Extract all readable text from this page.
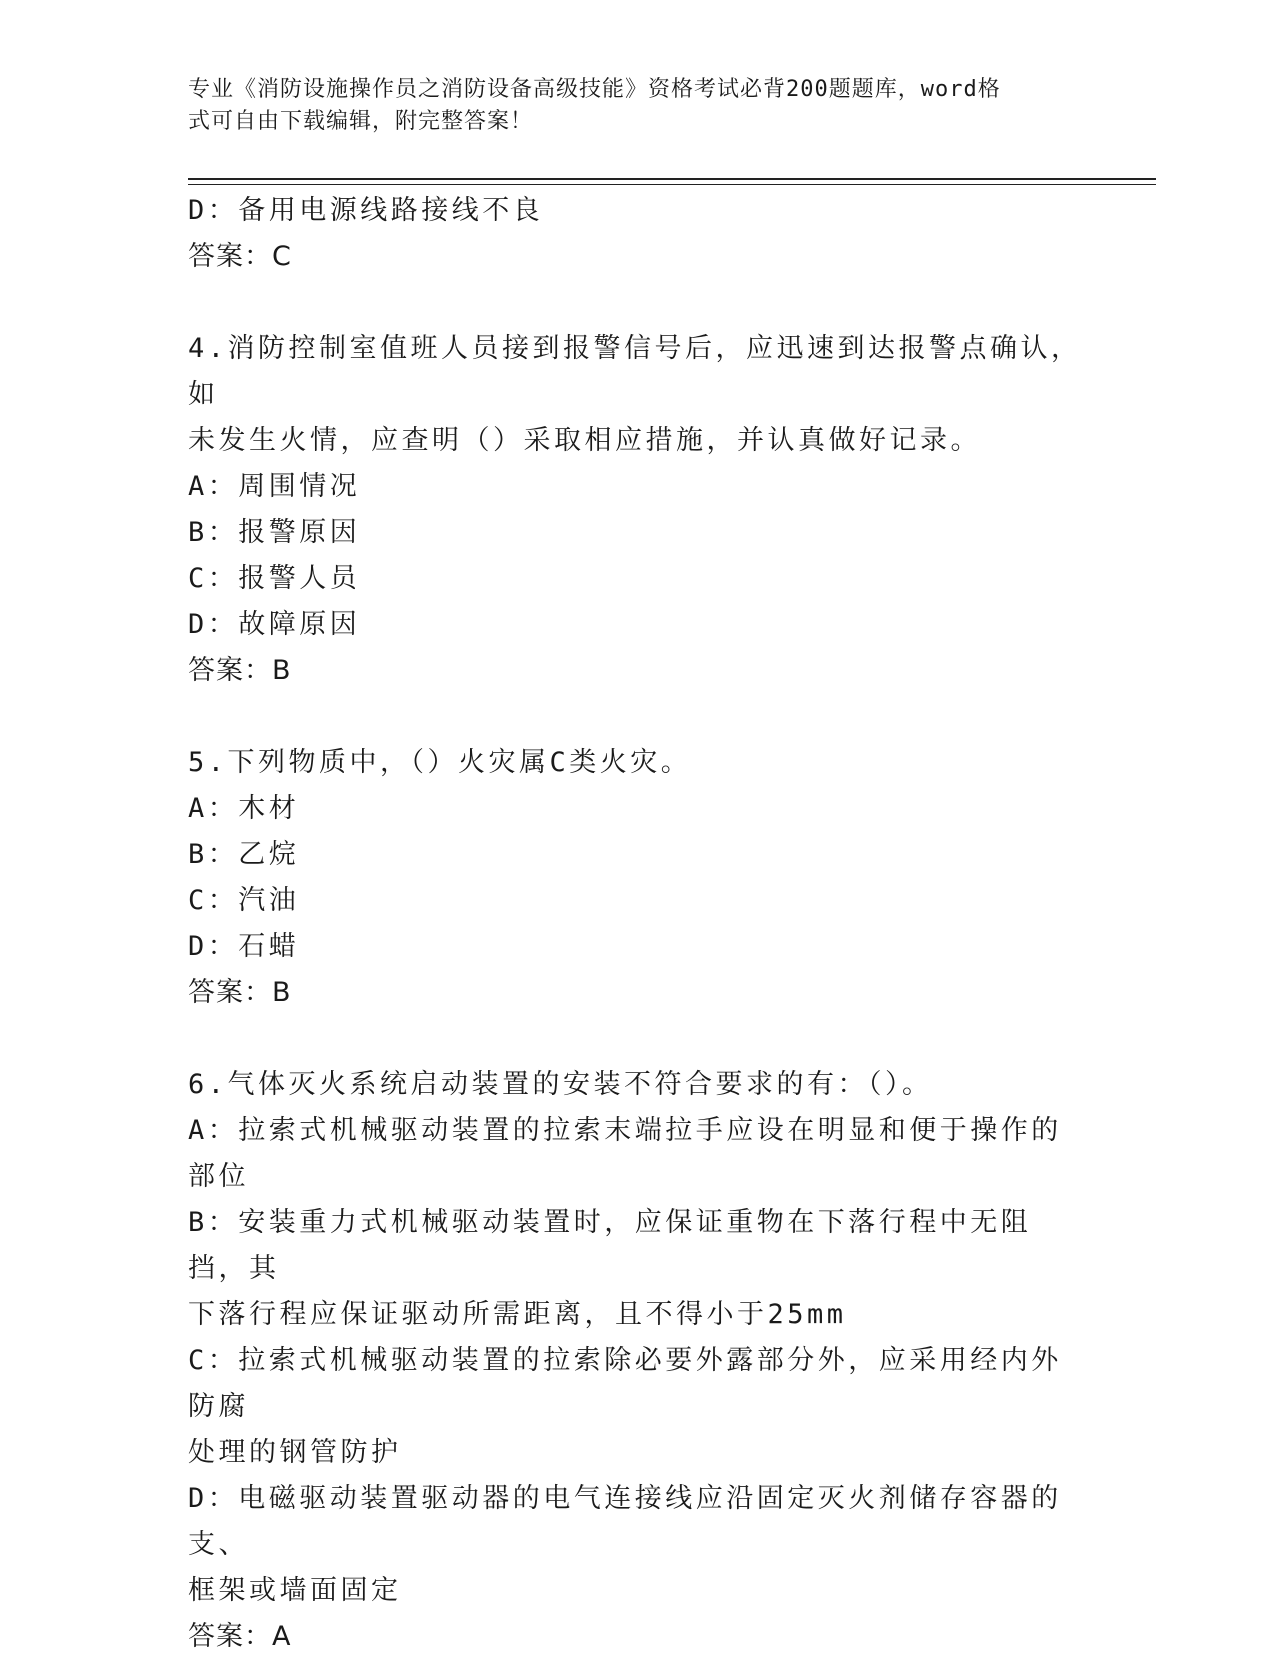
专业《消防设施操作员之消防设备高级技能》资格考试必背200题题库，word格
式可自由下载编辑，附完整答案！
D：备用电源线路接线不良
答案：C
4.消防控制室值班人员接到报警信号后，应迅速到达报警点确认，如
未发生火情，应查明（）采取相应措施，并认真做好记录。
A：周围情况
B：报警原因
C：报警人员
D：故障原因
答案：B
5.下列物质中，（）火灾属C类火灾。
A：木材
B：乙烷
C：汽油
D：石蜡
答案：B
6.气体灭火系统启动装置的安装不符合要求的有：（）。
A：拉索式机械驱动装置的拉索末端拉手应设在明显和便于操作的部位
B：安装重力式机械驱动装置时，应保证重物在下落行程中无阻挡，其
下落行程应保证驱动所需距离，且不得小于25mm
C：拉索式机械驱动装置的拉索除必要外露部分外，应采用经内外防腐
处理的钢管防护
D：电磁驱动装置驱动器的电气连接线应沿固定灭火剂储存容器的支、
框架或墙面固定
答案：A
